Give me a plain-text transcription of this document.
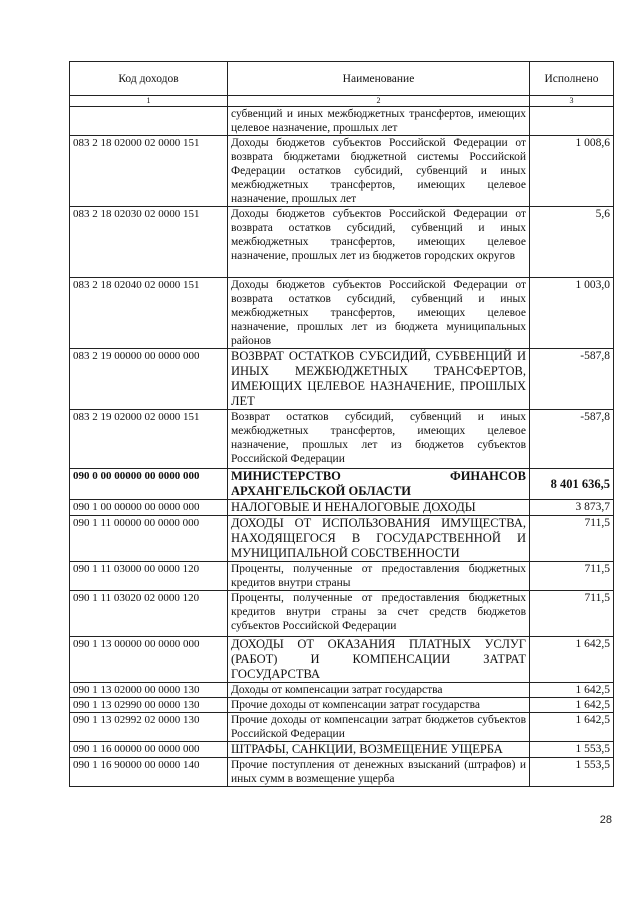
Код доходов	Наименование	Исполнено
1	2	3
	субвенций и иных межбюджетных трансфертов, имеющих целевое назначение, прошлых лет	
083 2 18 02000 02 0000 151	Доходы бюджетов субъектов Российской Федерации от возврата бюджетами бюджетной системы Российской Федерации остатков субсидий, субвенций и иных межбюджетных трансфертов, имеющих целевое назначение, прошлых лет	1 008,6
083 2 18 02030 02 0000 151	Доходы бюджетов субъектов Российской Федерации от возврата остатков субсидий, субвенций и иных межбюджетных трансфертов, имеющих целевое назначение, прошлых лет из бюджетов городских округов	5,6
083 2 18 02040 02 0000 151	Доходы бюджетов субъектов Российской Федерации от возврата остатков субсидий, субвенций и иных межбюджетных трансфертов, имеющих целевое назначение, прошлых лет из бюджета муниципальных районов	1 003,0
083 2 19 00000 00 0000 000	ВОЗВРАТ ОСТАТКОВ СУБСИДИЙ, СУБВЕНЦИЙ И ИНЫХ МЕЖБЮДЖЕТНЫХ ТРАНСФЕРТОВ, ИМЕЮЩИХ ЦЕЛЕВОЕ НАЗНАЧЕНИЕ, ПРОШЛЫХ ЛЕТ	-587,8
083 2 19 02000 02 0000 151	Возврат остатков субсидий, субвенций и иных межбюджетных трансфертов, имеющих целевое назначение, прошлых лет из бюджетов субъектов Российской Федерации	-587,8
090 0 00 00000 00 0000 000	МИНИСТЕРСТВО ФИНАНСОВ АРХАНГЕЛЬСКОЙ ОБЛАСТИ	8 401 636,5
090 1 00 00000 00 0000 000	НАЛОГОВЫЕ И НЕНАЛОГОВЫЕ ДОХОДЫ	3 873,7
090 1 11 00000 00 0000 000	ДОХОДЫ ОТ ИСПОЛЬЗОВАНИЯ ИМУЩЕСТВА, НАХОДЯЩЕГОСЯ В ГОСУДАРСТВЕННОЙ И МУНИЦИПАЛЬНОЙ СОБСТВЕННОСТИ	711,5
090 1 11 03000 00 0000 120	Проценты, полученные от предоставления бюджетных кредитов внутри страны	711,5
090 1 11 03020 02 0000 120	Проценты, полученные от предоставления бюджетных кредитов внутри страны за счет средств бюджетов субъектов Российской Федерации	711,5
090 1 13 00000 00 0000 000	ДОХОДЫ ОТ ОКАЗАНИЯ ПЛАТНЫХ УСЛУГ (РАБОТ) И КОМПЕНСАЦИИ ЗАТРАТ ГОСУДАРСТВА	1 642,5
090 1 13 02000 00 0000 130	Доходы от компенсации затрат государства	1 642,5
090 1 13 02990 00 0000 130	Прочие доходы от компенсации затрат государства	1 642,5
090 1 13 02992 02 0000 130	Прочие доходы от компенсации затрат бюджетов субъектов Российской Федерации	1 642,5
090 1 16 00000 00 0000 000	ШТРАФЫ, САНКЦИИ, ВОЗМЕЩЕНИЕ УЩЕРБА	1 553,5
090 1 16 90000 00 0000 140	Прочие поступления от денежных взысканий (штрафов) и иных сумм в возмещение ущерба	1 553,5
28
